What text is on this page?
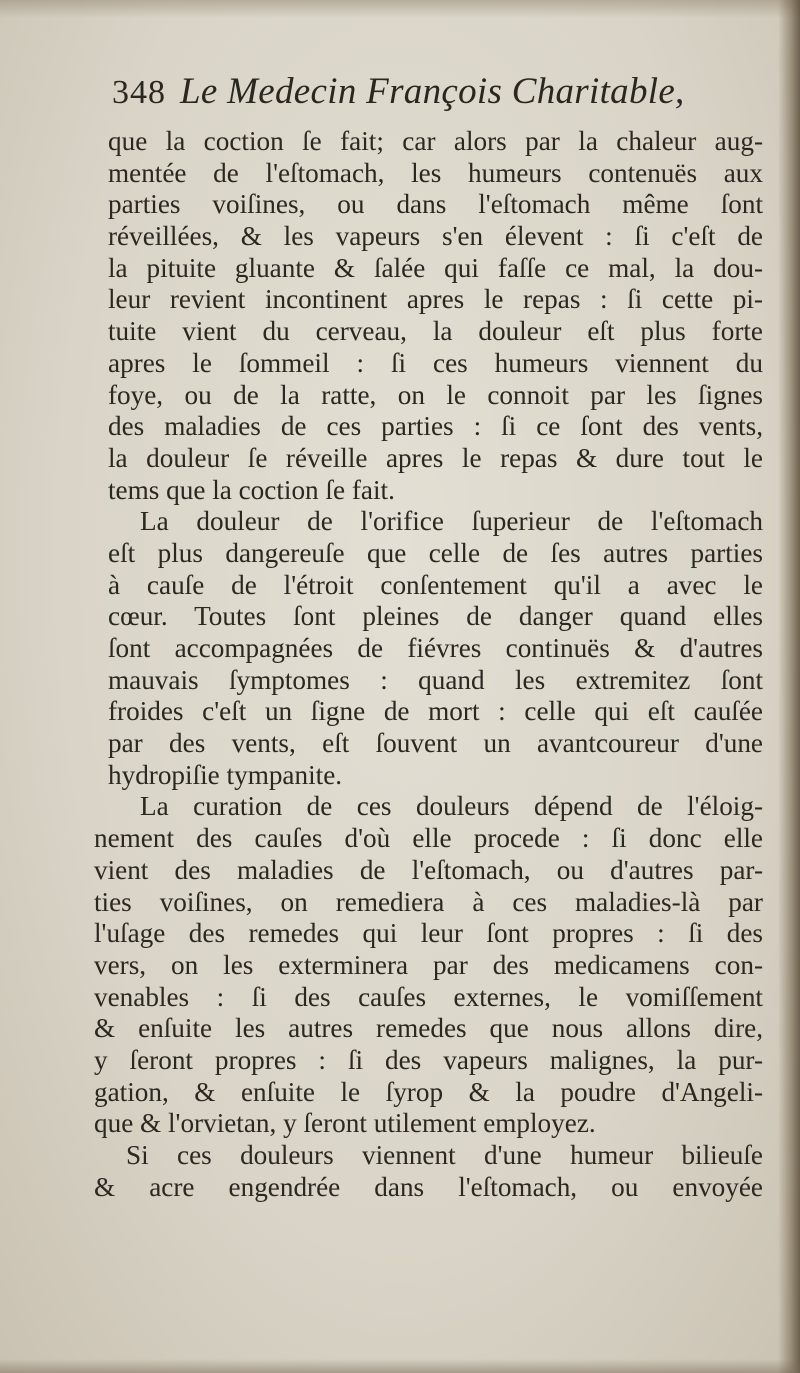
348 Le Medecin François Charitable,
que la coction ſe fait; car alors par la chaleur aug-
mentée de l'eſtomach, les humeurs contenuës aux
parties voiſines, ou dans l'eſtomach même ſont
réveillées, & les vapeurs s'en élevent : ſi c'eſt de
la pituite gluante & ſalée qui faſſe ce mal, la dou-
leur revient incontinent apres le repas : ſi cette pi-
tuite vient du cerveau, la douleur eſt plus forte
apres le ſommeil : ſi ces humeurs viennent du
foye, ou de la ratte, on le connoit par les ſignes
des maladies de ces parties : ſi ce ſont des vents,
la douleur ſe réveille apres le repas & dure tout le
tems que la coction ſe fait.
La douleur de l'orifice ſuperieur de l'eſtomach
eſt plus dangereuſe que celle de ſes autres parties
à cauſe de l'étroit conſentement qu'il a avec le
cœur. Toutes ſont pleines de danger quand elles
ſont accompagnées de fiévres continuës & d'autres
mauvais ſymptomes : quand les extremitez ſont
froides c'eſt un ſigne de mort : celle qui eſt cauſée
par des vents, eſt ſouvent un avantcoureur d'une
hydropiſie tympanite.
La curation de ces douleurs dépend de l'éloig-
nement des cauſes d'où elle procede : ſi donc elle
vient des maladies de l'eſtomach, ou d'autres par-
ties voiſines, on remediera à ces maladies-là par
l'uſage des remedes qui leur ſont propres : ſi des
vers, on les exterminera par des medicamens con-
venables : ſi des cauſes externes, le vomiſſement
& enſuite les autres remedes que nous allons dire,
y ſeront propres : ſi des vapeurs malignes, la pur-
gation, & enſuite le ſyrop & la poudre d'Angeli-
que & l'orvietan, y ſeront utilement employez.
Si ces douleurs viennent d'une humeur bilieuſe
& acre engendrée dans l'eſtomach, ou envoyée
